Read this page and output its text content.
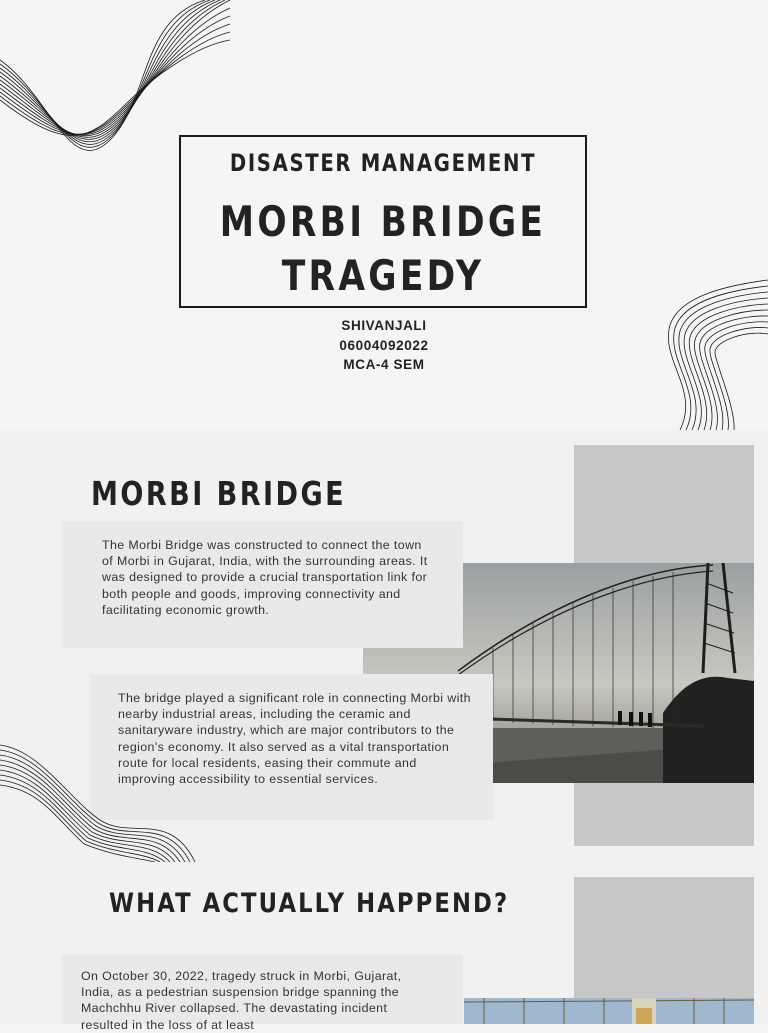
DISASTER MANAGEMENT
MORBI BRIDGE
TRAGEDY
SHIVANJALI
06004092022
MCA-4 SEM
MORBI BRIDGE

The Morbi Bridge was constructed to connect the town of Morbi in Gujarat, India, with the surrounding areas. It was designed to provide a crucial transportation link for both people and goods, improving connectivity and facilitating economic growth.

The bridge played a significant role in connecting Morbi with nearby industrial areas, including the ceramic and sanitaryware industry, which are major contributors to the region's economy. It also served as a vital transportation route for local residents, easing their commute and improving accessibility to essential services.

WHAT ACTUALLY HAPPEND?

On October 30, 2022, tragedy struck in Morbi, Gujarat, India, as a pedestrian suspension bridge spanning the Machchhu River collapsed. The devastating incident resulted in the loss of at least
